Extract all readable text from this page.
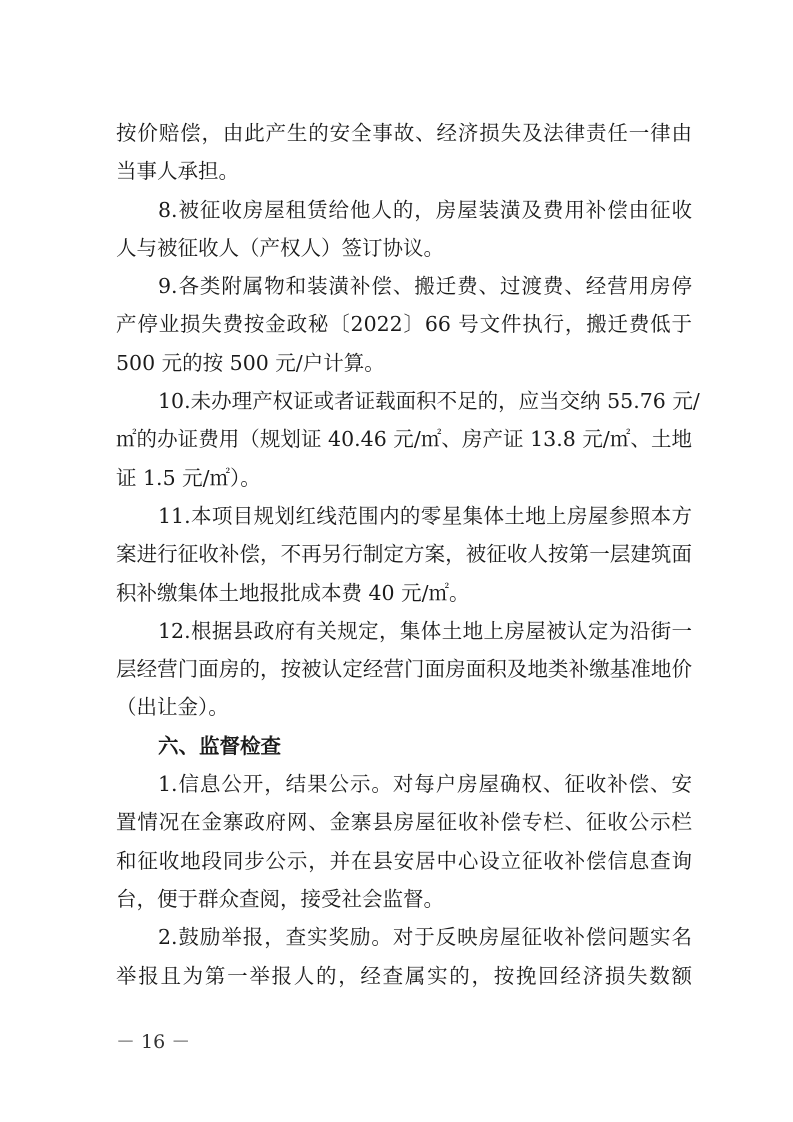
按价赔偿，由此产生的安全事故、经济损失及法律责任一律由
当事人承担。
8.被征收房屋租赁给他人的，房屋装潢及费用补偿由征收
人与被征收人（产权人）签订协议。
9.各类附属物和装潢补偿、搬迁费、过渡费、经营用房停
产停业损失费按金政秘〔2022〕66 号文件执行，搬迁费低于
500 元的按 500 元/户计算。
10.未办理产权证或者证载面积不足的，应当交纳 55.76 元/
㎡的办证费用（规划证 40.46 元/㎡、房产证 13.8 元/㎡、土地
证 1.5 元/㎡）。
11.本项目规划红线范围内的零星集体土地上房屋参照本方
案进行征收补偿，不再另行制定方案，被征收人按第一层建筑面
积补缴集体土地报批成本费 40 元/㎡。
12.根据县政府有关规定，集体土地上房屋被认定为沿街一
层经营门面房的，按被认定经营门面房面积及地类补缴基准地价
（出让金）。
六、监督检查
1.信息公开，结果公示。对每户房屋确权、征收补偿、安
置情况在金寨政府网、金寨县房屋征收补偿专栏、征收公示栏
和征收地段同步公示，并在县安居中心设立征收补偿信息查询
台，便于群众查阅，接受社会监督。
2.鼓励举报，查实奖励。对于反映房屋征收补偿问题实名
举报且为第一举报人的，经查属实的，按挽回经济损失数额
－ 16 －
